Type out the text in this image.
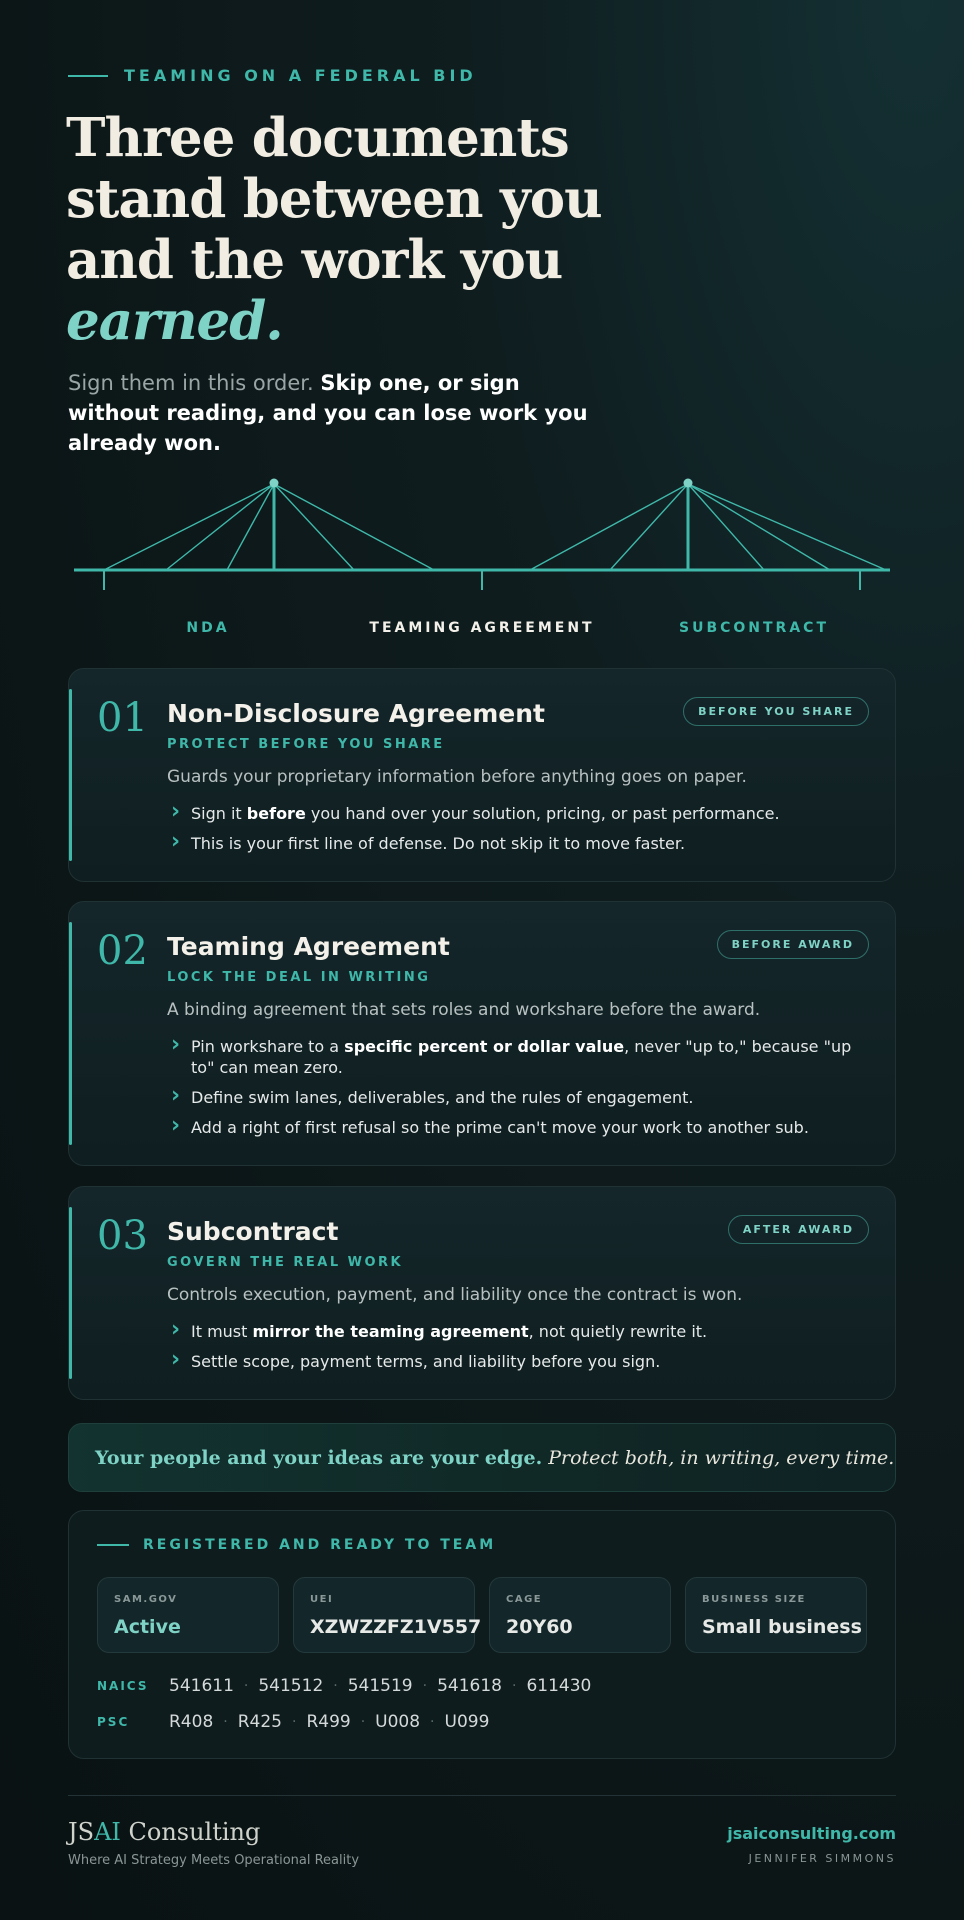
TEAMING ON A FEDERAL BID
Three documents
stand between you
and the work you
earned.

Sign them in this order. Skip one, or sign without reading, and you can lose work you already won.

NDA	TEAMING AGREEMENT	SUBCONTRACT
01 Non-Disclosure Agreement	BEFORE YOU SHARE
PROTECT BEFORE YOU SHARE
Guards your proprietary information before anything goes on paper.
› Sign it before you hand over your solution, pricing, or past performance.
› This is your first line of defense. Do not skip it to move faster.
02 Teaming Agreement	BEFORE AWARD
LOCK THE DEAL IN WRITING
A binding agreement that sets roles and workshare before the award.
› Pin workshare to a specific percent or dollar value, never "up to," because "up to" can mean zero.
› Define swim lanes, deliverables, and the rules of engagement.
› Add a right of first refusal so the prime can't move your work to another sub.
03 Subcontract	AFTER AWARD
GOVERN THE REAL WORK
Controls execution, payment, and liability once the contract is won.
› It must mirror the teaming agreement, not quietly rewrite it.
› Settle scope, payment terms, and liability before you sign.
Your people and your ideas are your edge. Protect both, in writing, every time.
REGISTERED AND READY TO TEAM
SAM.GOV
Active
UEI
XZWZZFZ1V557
CAGE
20Y60
BUSINESS SIZE
Small business
NAICS	541611 · 541512 · 541519 · 541618 · 611430
PSC	R408 · R425 · R499 · U008 · U099
JSAI Consulting
Where AI Strategy Meets Operational Reality
jsaiconsulting.com
JENNIFER SIMMONS
